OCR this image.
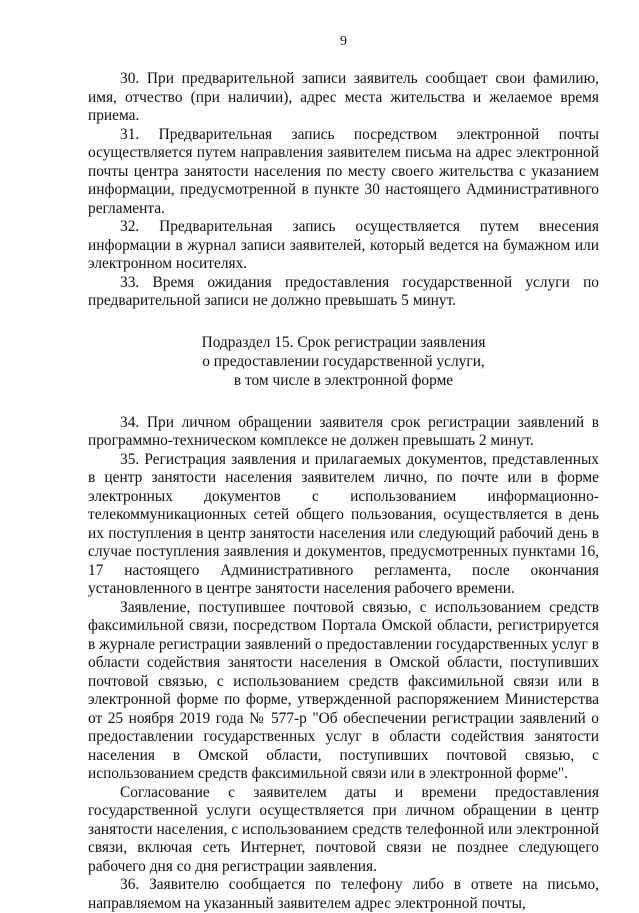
9

30. При предварительной записи заявитель сообщает свои фамилию, имя, отчество (при наличии), адрес места жительства и желаемое время приема.

31. Предварительная запись посредством электронной почты осуществляется путем направления заявителем письма на адрес электронной почты центра занятости населения по месту своего жительства с указанием информации, предусмотренной в пункте 30 настоящего Административного регламента.

32. Предварительная запись осуществляется путем внесения информации в журнал записи заявителей, который ведется на бумажном или электронном носителях.

33. Время ожидания предоставления государственной услуги по предварительной записи не должно превышать 5 минут.

Подраздел 15. Срок регистрации заявления
о предоставлении государственной услуги,
в том числе в электронной форме

34. При личном обращении заявителя срок регистрации заявлений в программно-техническом комплексе не должен превышать 2 минут.

35. Регистрация заявления и прилагаемых документов, представленных в центр занятости населения заявителем лично, по почте или в форме электронных документов с использованием информационно-телекоммуникационных сетей общего пользования, осуществляется в день их поступления в центр занятости населения или следующий рабочий день в случае поступления заявления и документов, предусмотренных пунктами 16, 17 настоящего Административного регламента, после окончания установленного в центре занятости населения рабочего времени.

Заявление, поступившее почтовой связью, с использованием средств факсимильной связи, посредством Портала Омской области, регистрируется в журнале регистрации заявлений о предоставлении государственных услуг в области содействия занятости населения в Омской области, поступивших почтовой связью, с использованием средств факсимильной связи или в электронной форме по форме, утвержденной распоряжением Министерства от 25 ноября 2019 года № 577-р "Об обеспечении регистрации заявлений о предоставлении государственных услуг в области содействия занятости населения в Омской области, поступивших почтовой связью, с использованием средств факсимильной связи или в электронной форме".

Согласование с заявителем даты и времени предоставления государственной услуги осуществляется при личном обращении в центр занятости населения, с использованием средств телефонной или электронной связи, включая сеть Интернет, почтовой связи не позднее следующего рабочего дня со дня регистрации заявления.

36. Заявителю сообщается по телефону либо в ответе на письмо, направляемом на указанный заявителем адрес электронной почты,
